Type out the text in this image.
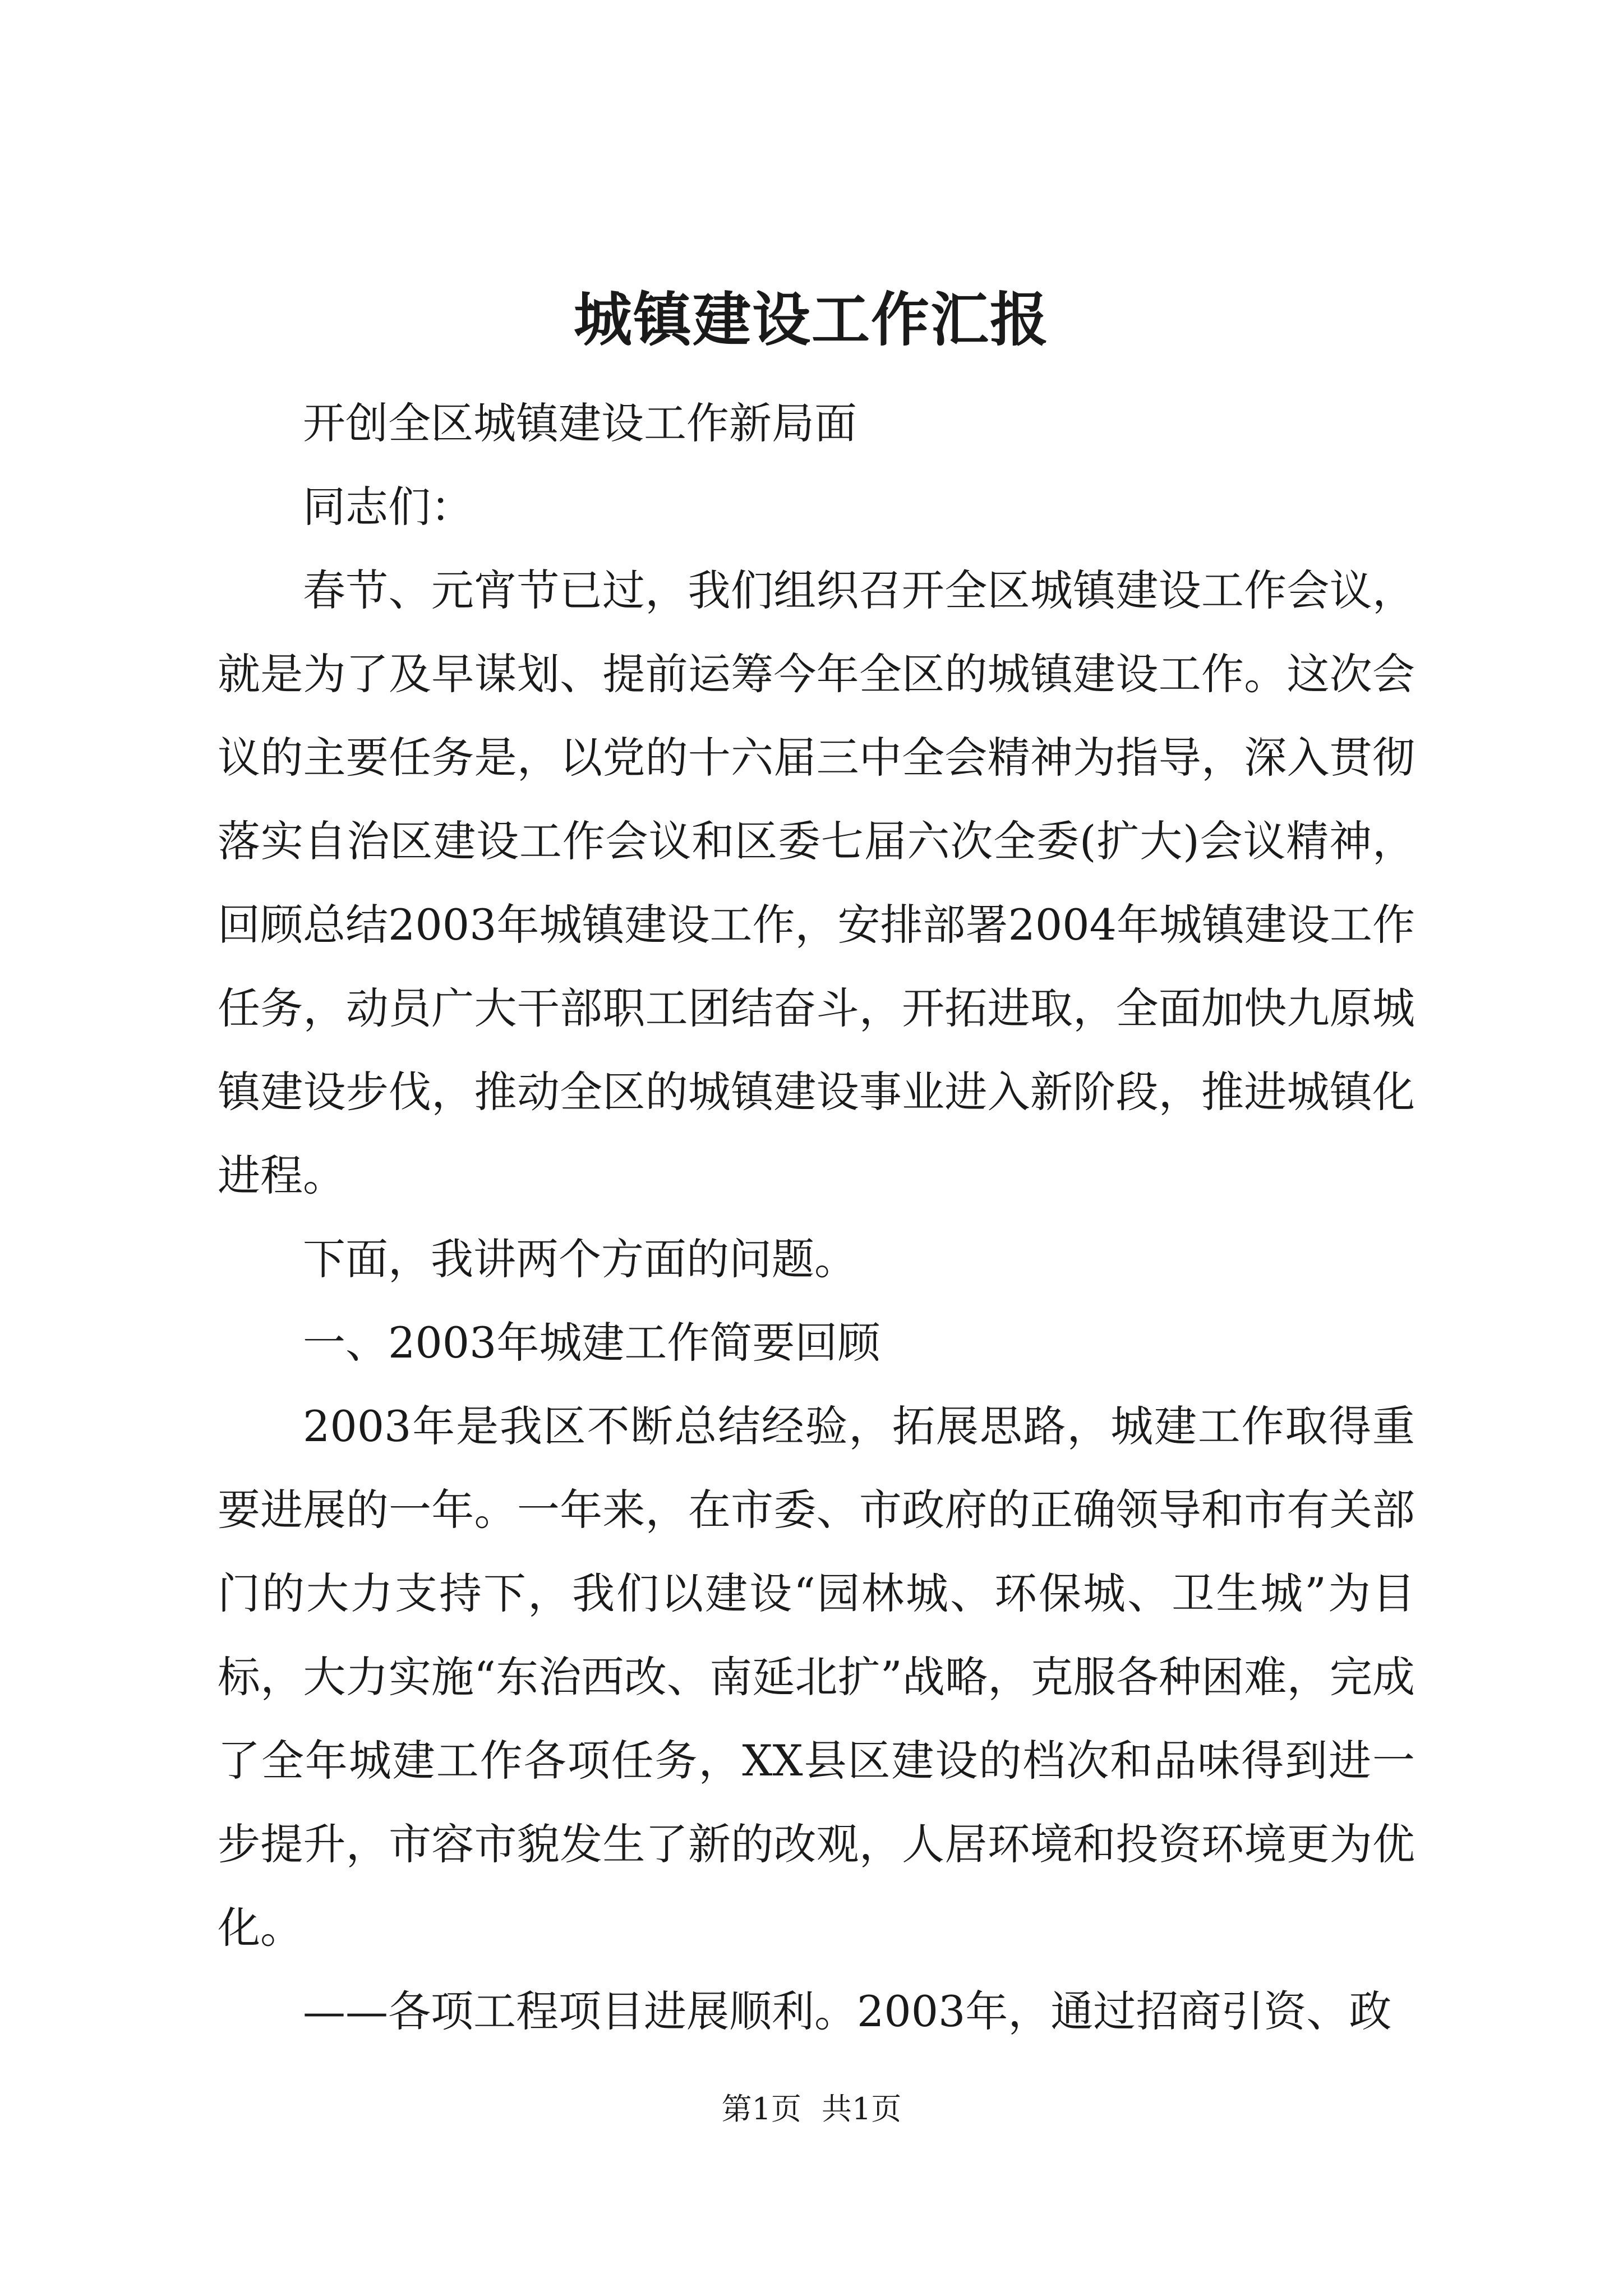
城镇建设工作汇报

开创全区城镇建设工作新局面

同志们：

春节、元宵节已过，我们组织召开全区城镇建设工作会议，就是为了及早谋划、提前运筹今年全区的城镇建设工作。这次会议的主要任务是，以党的十六届三中全会精神为指导，深入贯彻落实自治区建设工作会议和区委七届六次全委(扩大)会议精神，回顾总结2003年城镇建设工作，安排部署2004年城镇建设工作任务，动员广大干部职工团结奋斗，开拓进取，全面加快九原城镇建设步伐，推动全区的城镇建设事业进入新阶段，推进城镇化进程。

下面，我讲两个方面的问题。

一、2003年城建工作简要回顾

2003年是我区不断总结经验，拓展思路，城建工作取得重要进展的一年。一年来，在市委、市政府的正确领导和市有关部门的大力支持下，我们以建设“园林城、环保城、卫生城”为目标，大力实施“东治西改、南延北扩”战略，克服各种困难，完成了全年城建工作各项任务，XX县区建设的档次和品味得到进一步提升，市容市貌发生了新的改观，人居环境和投资环境更为优化。

——各项工程项目进展顺利。2003年，通过招商引资、政

第1页 共1页
